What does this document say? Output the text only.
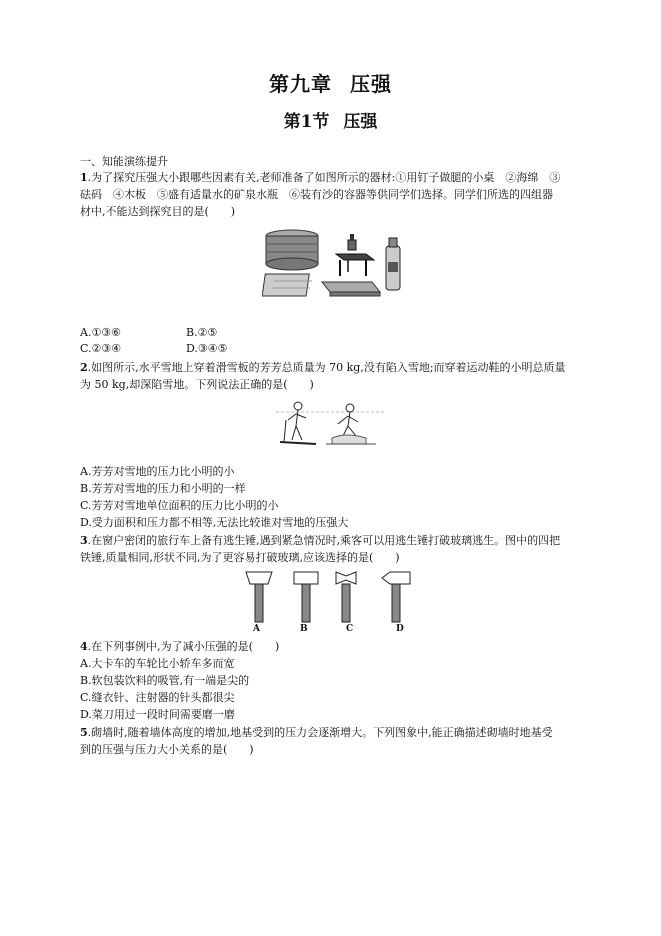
第九章 压强
第1节 压强
一、知能演练提升
1.为了探究压强大小跟哪些因素有关,老师准备了如图所示的器材:①用钉子做腿的小桌　②海绵　③
砝码　④木板　⑤盛有适量水的矿泉水瓶　⑥装有沙的容器等供同学们选择。同学们所选的四组器
材中,不能达到探究目的是(　　)
A.①③⑥	B.②⑤
C.②③④	D.③④⑤
2.如图所示,水平雪地上穿着滑雪板的芳芳总质量为 70 kg,没有陷入雪地;而穿着运动鞋的小明总质量
为 50 kg,却深陷雪地。下列说法正确的是(　　)
A.芳芳对雪地的压力比小明的小
B.芳芳对雪地的压力和小明的一样
C.芳芳对雪地单位面积的压力比小明的小
D.受力面积和压力都不相等,无法比较谁对雪地的压强大
3.在窗户密闭的旅行车上备有逃生锤,遇到紧急情况时,乘客可以用逃生锤打破玻璃逃生。图中的四把
铁锤,质量相同,形状不同,为了更容易打破玻璃,应该选择的是(　　)
A	B	C	D
4.在下列事例中,为了减小压强的是(　　)
A.大卡车的车轮比小轿车多而宽
B.软包装饮料的吸管,有一端是尖的
C.缝衣针、注射器的针头都很尖
D.菜刀用过一段时间需要磨一磨
5.砌墙时,随着墙体高度的增加,地基受到的压力会逐渐增大。下列图象中,能正确描述砌墙时地基受
到的压强与压力大小关系的是(　　)
